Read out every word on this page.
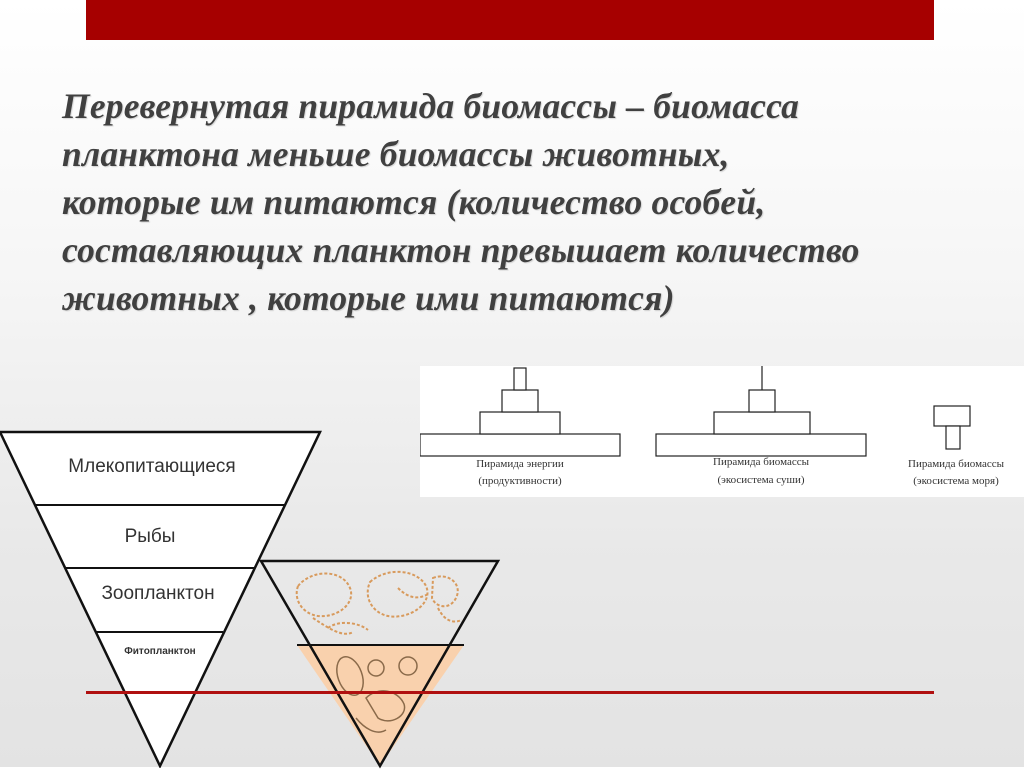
Перевернутая пирамида биомассы – биомасса
планктона меньше биомассы животных,
которые им питаются (количество особей,
составляющих планктон превышает количество
животных , которые ими питаются)
Пирамида энергии
(продуктивности)
Пирамида биомассы
(экосистема суши)
Пирамида биомассы
(экосистема моря)
Млекопитающиеся
Рыбы
Зоопланктон
Фитопланктон
